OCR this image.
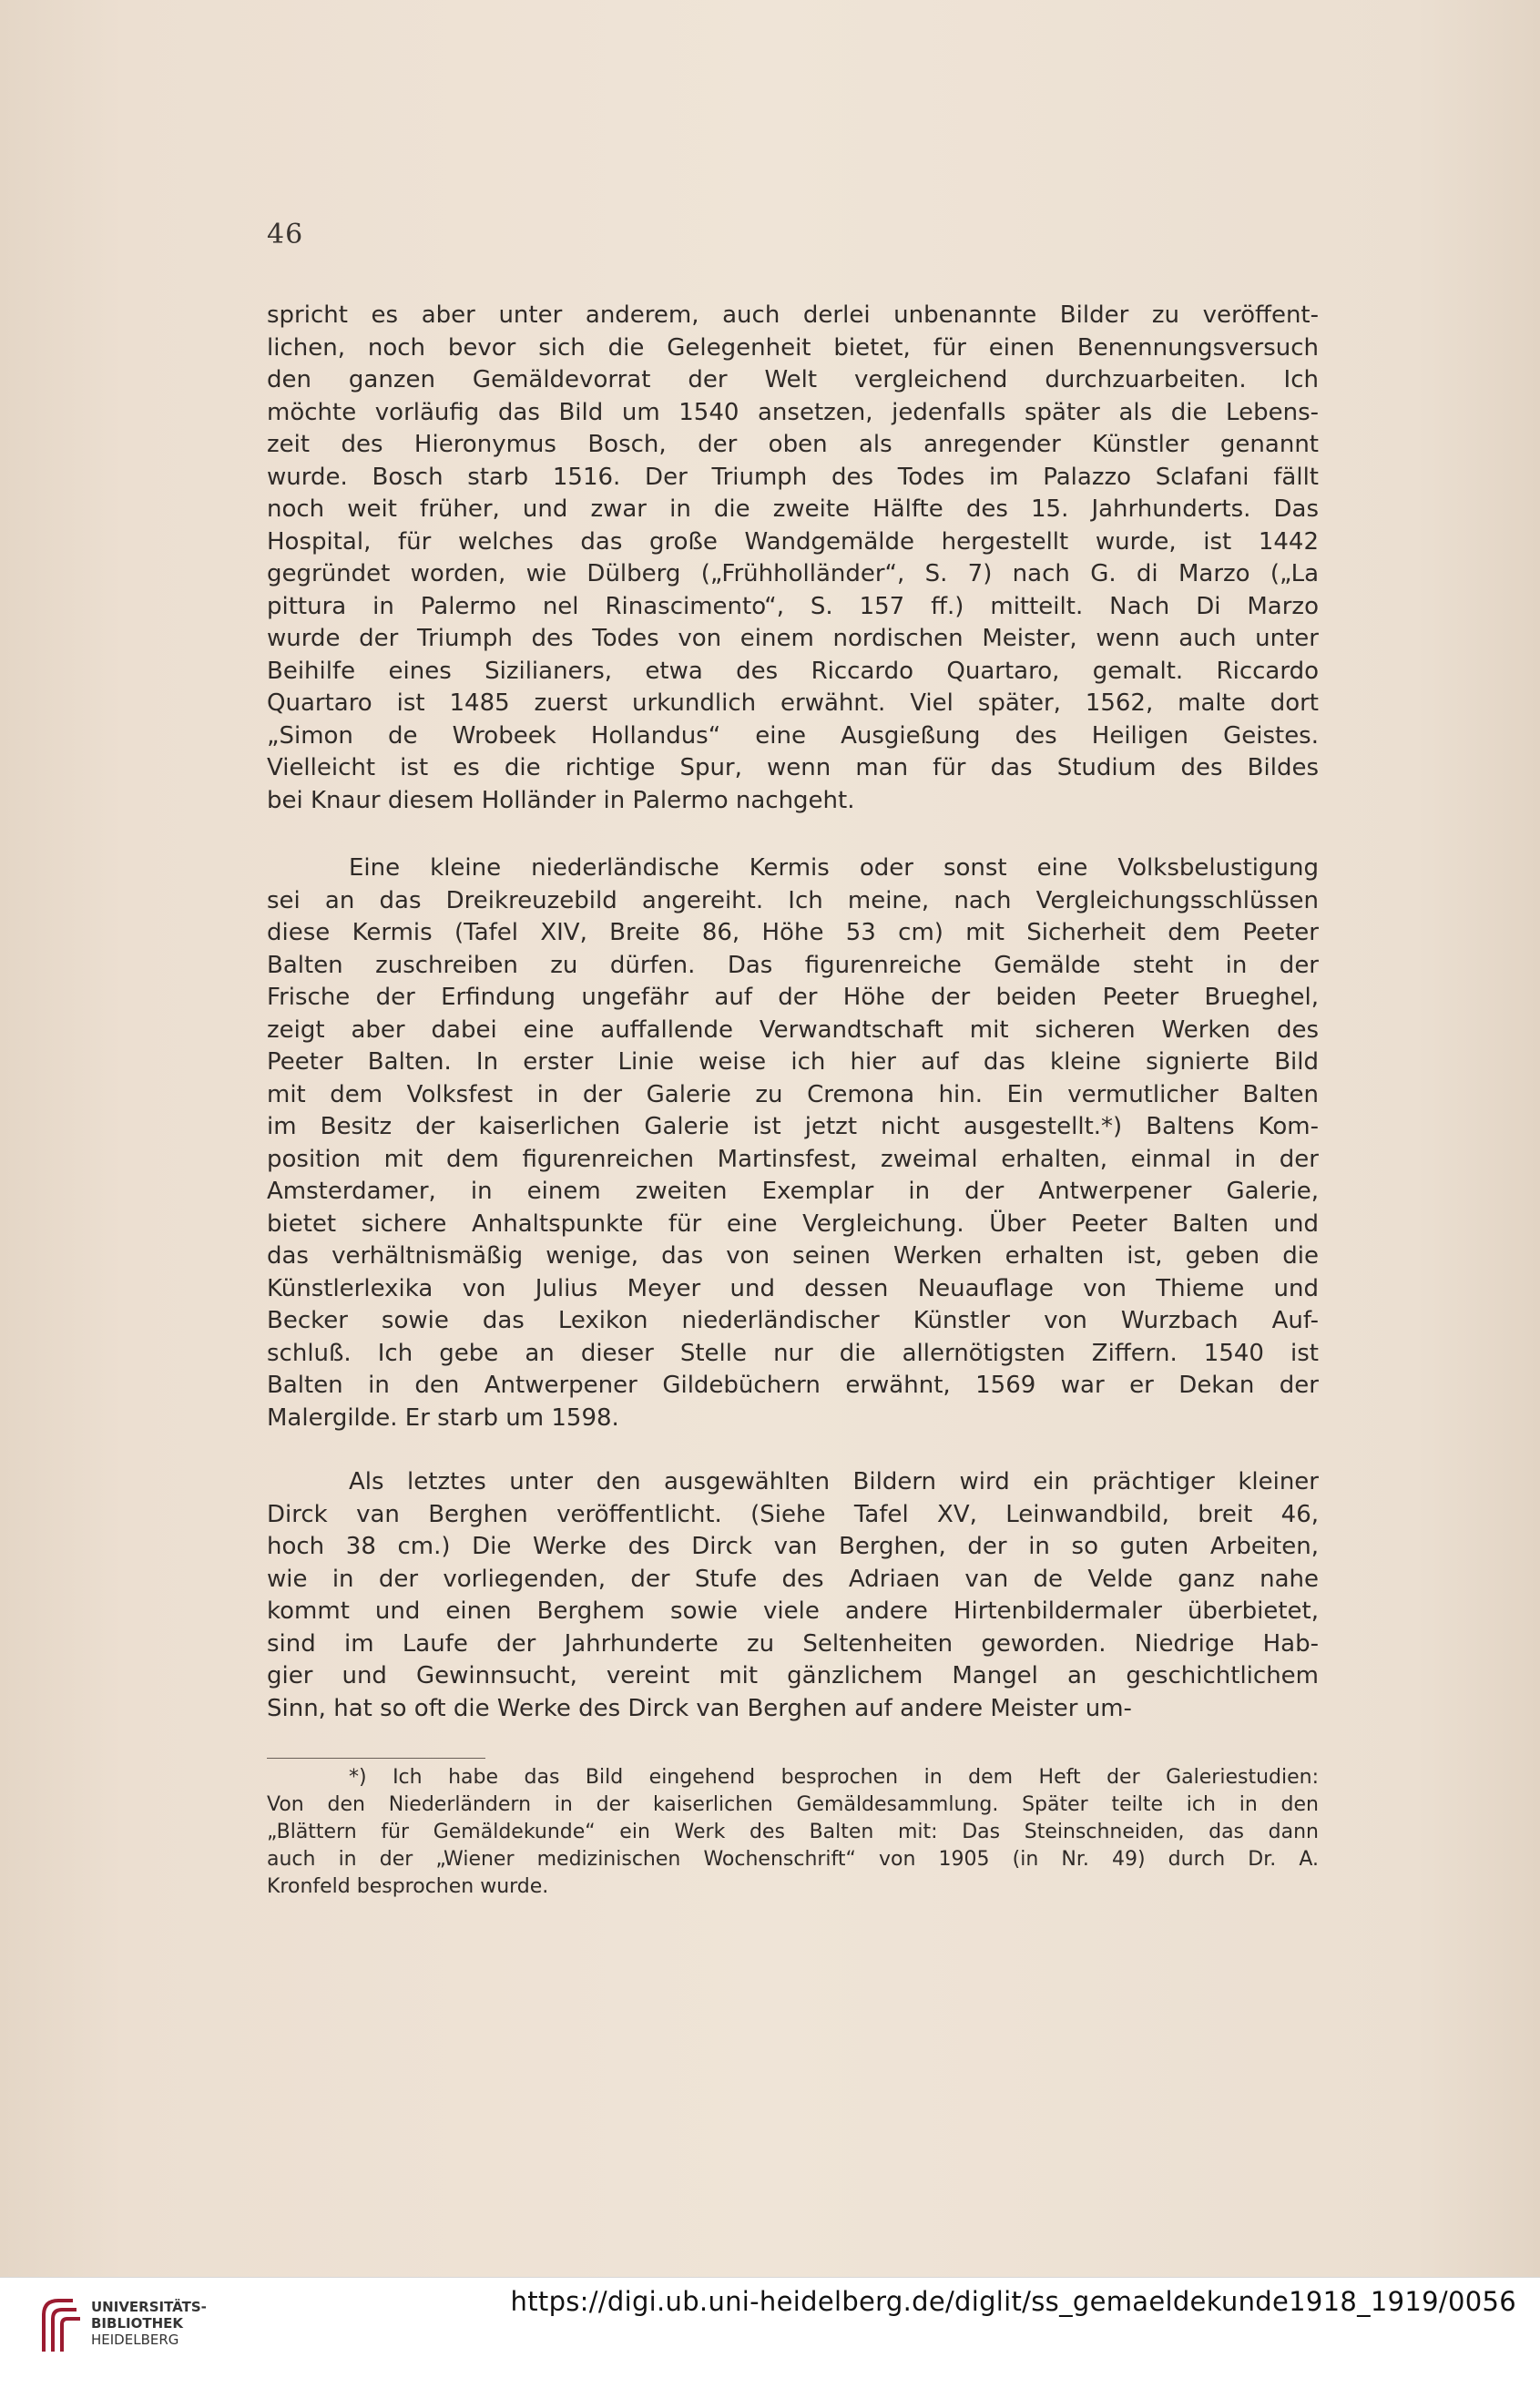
46
spricht es aber unter anderem, auch derlei unbenannte Bilder zu veröffent-
lichen, noch bevor sich die Gelegenheit bietet, für einen Benennungsversuch
den ganzen Gemäldevorrat der Welt vergleichend durchzuarbeiten. Ich
möchte vorläufig das Bild um 1540 ansetzen, jedenfalls später als die Lebens-
zeit des Hieronymus Bosch, der oben als anregender Künstler genannt
wurde. Bosch starb 1516. Der Triumph des Todes im Palazzo Sclafani fällt
noch weit früher, und zwar in die zweite Hälfte des 15. Jahrhunderts. Das
Hospital, für welches das große Wandgemälde hergestellt wurde, ist 1442
gegründet worden, wie Dülberg („Frühholländer“, S. 7) nach G. di Marzo („La
pittura in Palermo nel Rinascimento“, S. 157 ff.) mitteilt. Nach Di Marzo
wurde der Triumph des Todes von einem nordischen Meister, wenn auch unter
Beihilfe eines Sizilianers, etwa des Riccardo Quartaro, gemalt. Riccardo
Quartaro ist 1485 zuerst urkundlich erwähnt. Viel später, 1562, malte dort
„Simon de Wrobeek Hollandus“ eine Ausgießung des Heiligen Geistes.
Vielleicht ist es die richtige Spur, wenn man für das Studium des Bildes
bei Knaur diesem Holländer in Palermo nachgeht.
Eine kleine niederländische Kermis oder sonst eine Volksbelustigung
sei an das Dreikreuzebild angereiht. Ich meine, nach Vergleichungsschlüssen
diese Kermis (Tafel XIV, Breite 86, Höhe 53 cm) mit Sicherheit dem Peeter
Balten zuschreiben zu dürfen. Das figurenreiche Gemälde steht in der
Frische der Erfindung ungefähr auf der Höhe der beiden Peeter Brueghel,
zeigt aber dabei eine auffallende Verwandtschaft mit sicheren Werken des
Peeter Balten. In erster Linie weise ich hier auf das kleine signierte Bild
mit dem Volksfest in der Galerie zu Cremona hin. Ein vermutlicher Balten
im Besitz der kaiserlichen Galerie ist jetzt nicht ausgestellt.*) Baltens Kom-
position mit dem figurenreichen Martinsfest, zweimal erhalten, einmal in der
Amsterdamer, in einem zweiten Exemplar in der Antwerpener Galerie,
bietet sichere Anhaltspunkte für eine Vergleichung. Über Peeter Balten und
das verhältnismäßig wenige, das von seinen Werken erhalten ist, geben die
Künstlerlexika von Julius Meyer und dessen Neuauflage von Thieme und
Becker sowie das Lexikon niederländischer Künstler von Wurzbach Auf-
schluß. Ich gebe an dieser Stelle nur die allernötigsten Ziffern. 1540 ist
Balten in den Antwerpener Gildebüchern erwähnt, 1569 war er Dekan der
Malergilde. Er starb um 1598.
Als letztes unter den ausgewählten Bildern wird ein prächtiger kleiner
Dirck van Berghen veröffentlicht. (Siehe Tafel XV, Leinwandbild, breit 46,
hoch 38 cm.) Die Werke des Dirck van Berghen, der in so guten Arbeiten,
wie in der vorliegenden, der Stufe des Adriaen van de Velde ganz nahe
kommt und einen Berghem sowie viele andere Hirtenbildermaler überbietet,
sind im Laufe der Jahrhunderte zu Seltenheiten geworden. Niedrige Hab-
gier und Gewinnsucht, vereint mit gänzlichem Mangel an geschichtlichem
Sinn, hat so oft die Werke des Dirck van Berghen auf andere Meister um-
*) Ich habe das Bild eingehend besprochen in dem Heft der Galeriestudien:
Von den Niederländern in der kaiserlichen Gemäldesammlung. Später teilte ich in den
„Blättern für Gemäldekunde“ ein Werk des Balten mit: Das Steinschneiden, das dann
auch in der „Wiener medizinischen Wochenschrift“ von 1905 (in Nr. 49) durch Dr. A.
Kronfeld besprochen wurde.
UNIVERSITÄTS-
BIBLIOTHEK
HEIDELBERG
https://digi.ub.uni-heidelberg.de/diglit/ss_gemaeldekunde1918_1919/0056
